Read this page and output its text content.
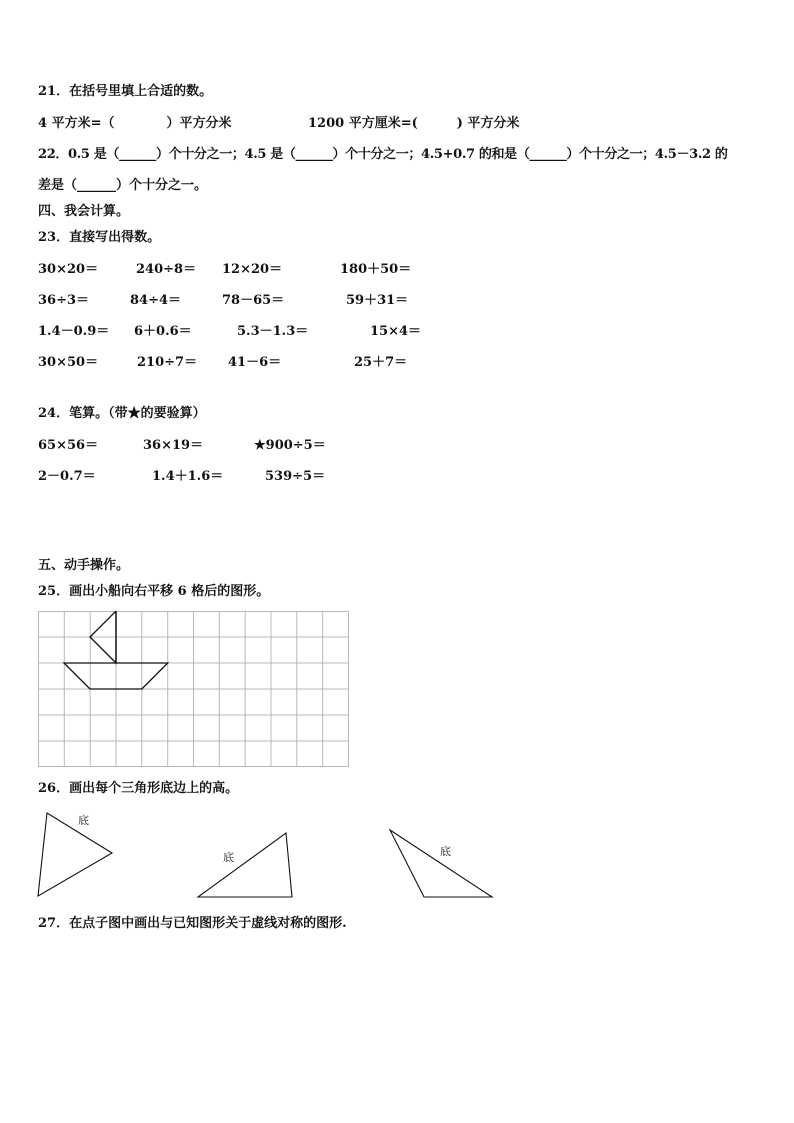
21．在括号里填上合适的数。
4 平方米=（　　　　）平方分米	1200 平方厘米=(　　　) 平方分米
22．0.5 是（______）个十分之一；4.5 是（______）个十分之一；4.5+0.7 的和是（______）个十分之一；4.5－3.2 的
差是（______）个十分之一。
四、我会计算。
23．直接写出得数。
30×20＝	240÷8＝ 12×20＝	180＋50＝
36÷3＝	84÷4＝	78－65＝	59＋31＝
1.4－0.9＝ 6＋0.6＝	5.3－1.3＝	15×4＝
30×50＝	210÷7＝ 41－6＝	25＋7＝
24．笔算。（带★的要验算）
65×56＝	36×19＝	★900÷5＝
2－0.7＝	1.4＋1.6＝	539÷5＝
五、动手操作。
25．画出小船向右平移 6 格后的图形。
26．画出每个三角形底边上的高。
底
底	底
27．在点子图中画出与已知图形关于虚线对称的图形.
